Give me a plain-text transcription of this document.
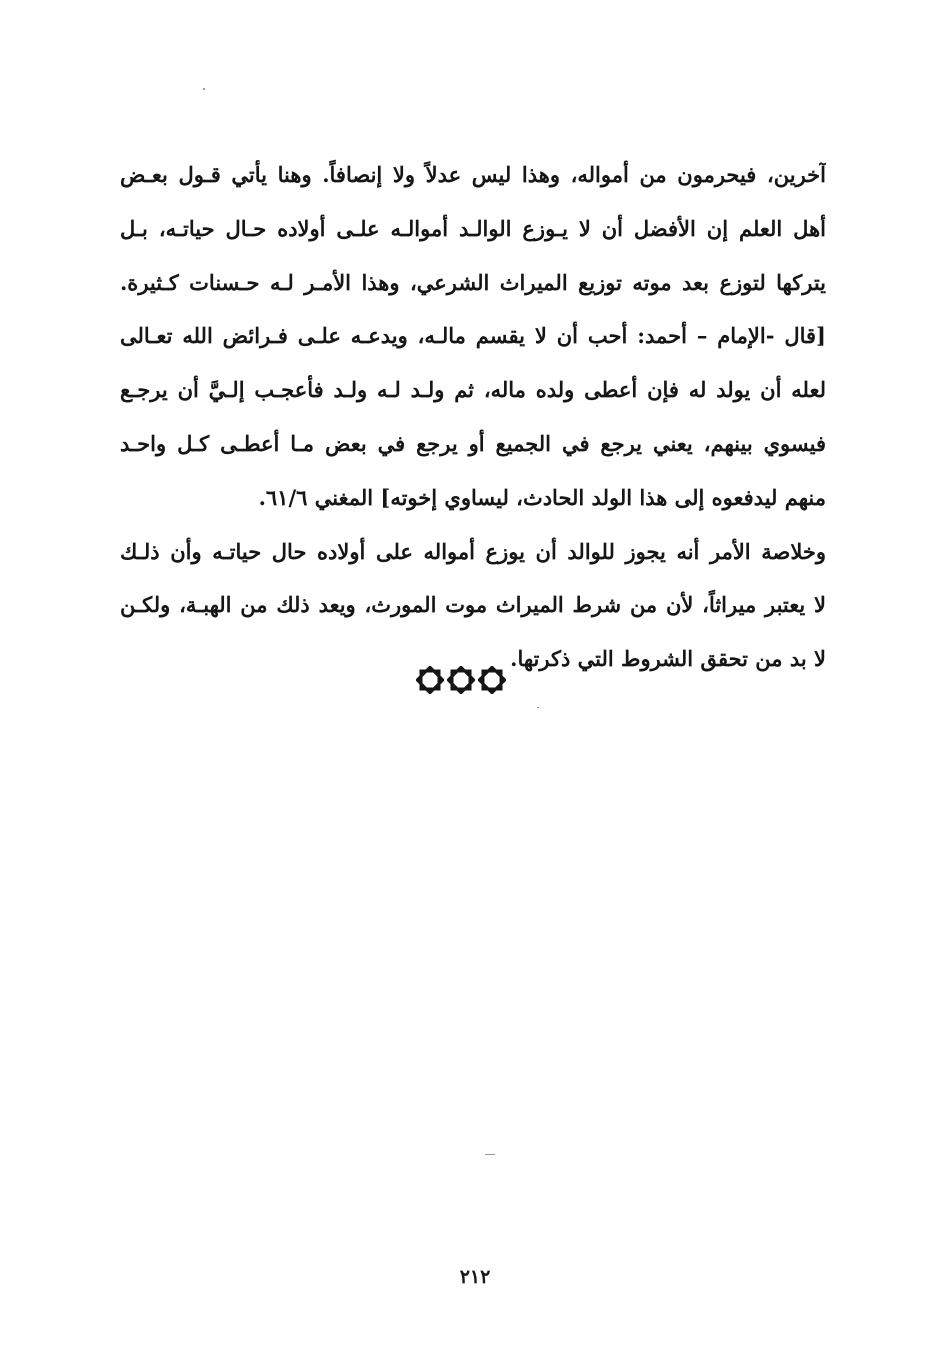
آخرين، فيحرمون من أمواله، وهذا ليس عدلاً ولا إنصافاً. وهنا يأتي قـول بعـض
أهل العلم إن الأفضل أن لا يـوزع الوالـد أموالـه علـى أولاده حـال حياتـه، بـل
يتركها لتوزع بعد موته توزيع الميراث الشرعي، وهذا الأمـر لـه حـسنات كـثيرة.
[قال -الإمام – أحمد: أحب أن لا يقسم مالـه، ويدعـه علـى فـرائض الله تعـالى
لعله أن يولد له فإن أعطى ولده ماله، ثم ولـد لـه ولـد فأعجـب إلـيَّ أن يرجـع
فيسوي بينهم، يعني يرجع في الجميع أو يرجع في بعض مـا أعطـى كـل واحـد
منهم ليدفعوه إلى هذا الولد الحادث، ليساوي إخوته] المغني ٦١/٦.
وخلاصة الأمر أنه يجوز للوالد أن يوزع أمواله على أولاده حال حياتـه وأن ذلـك
لا يعتبر ميراثاً، لأن من شرط الميراث موت المورث، ويعد ذلك من الهبـة، ولكـن
لا بد من تحقق الشروط التي ذكرتها.
٢١٢
